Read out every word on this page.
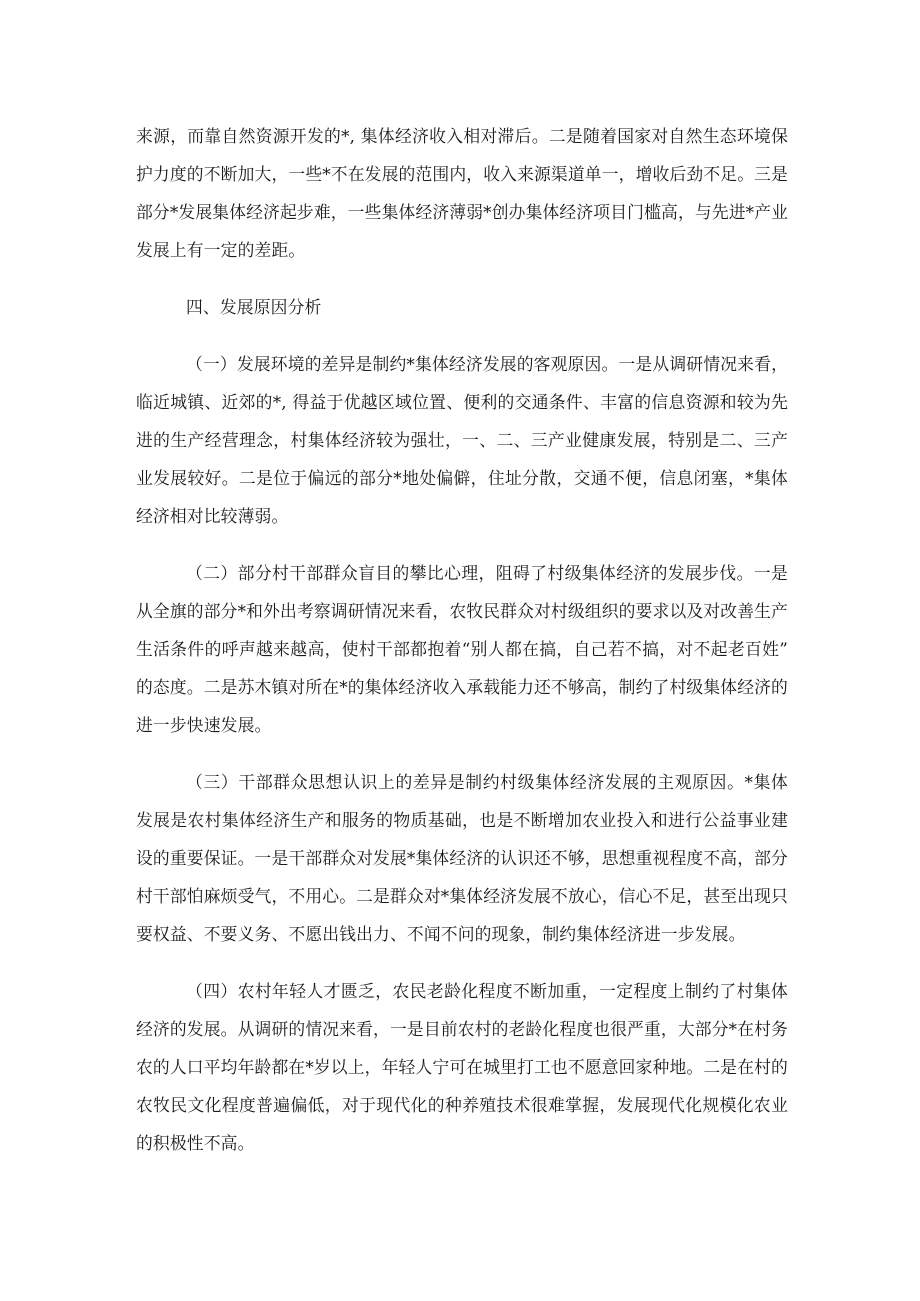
来源，而靠自然资源开发的*, 集体经济收入相对滞后。二是随着国家对自然生态环境保
护力度的不断加大，一些*不在发展的范围内，收入来源渠道单一，增收后劲不足。三是
部分*发展集体经济起步难，一些集体经济薄弱*创办集体经济项目门槛高，与先进*产业
发展上有一定的差距。
四、发展原因分析
（一）发展环境的差异是制约*集体经济发展的客观原因。一是从调研情况来看，
临近城镇、近郊的*, 得益于优越区域位置、便利的交通条件、丰富的信息资源和较为先
进的生产经营理念，村集体经济较为强壮，一、二、三产业健康发展，特别是二、三产
业发展较好。二是位于偏远的部分*地处偏僻，住址分散，交通不便，信息闭塞，*集体
经济相对比较薄弱。
（二）部分村干部群众盲目的攀比心理，阻碍了村级集体经济的发展步伐。一是
从全旗的部分*和外出考察调研情况来看，农牧民群众对村级组织的要求以及对改善生产
生活条件的呼声越来越高，使村干部都抱着“别人都在搞，自己若不搞，对不起老百姓”
的态度。二是苏木镇对所在*的集体经济收入承载能力还不够高，制约了村级集体经济的
进一步快速发展。
（三）干部群众思想认识上的差异是制约村级集体经济发展的主观原因。*集体
发展是农村集体经济生产和服务的物质基础，也是不断增加农业投入和进行公益事业建
设的重要保证。一是干部群众对发展*集体经济的认识还不够，思想重视程度不高，部分
村干部怕麻烦受气，不用心。二是群众对*集体经济发展不放心，信心不足，甚至出现只
要权益、不要义务、不愿出钱出力、不闻不问的现象，制约集体经济进一步发展。
（四）农村年轻人才匮乏，农民老龄化程度不断加重，一定程度上制约了村集体
经济的发展。从调研的情况来看，一是目前农村的老龄化程度也很严重，大部分*在村务
农的人口平均年龄都在*岁以上，年轻人宁可在城里打工也不愿意回家种地。二是在村的
农牧民文化程度普遍偏低，对于现代化的种养殖技术很难掌握，发展现代化规模化农业
的积极性不高。
